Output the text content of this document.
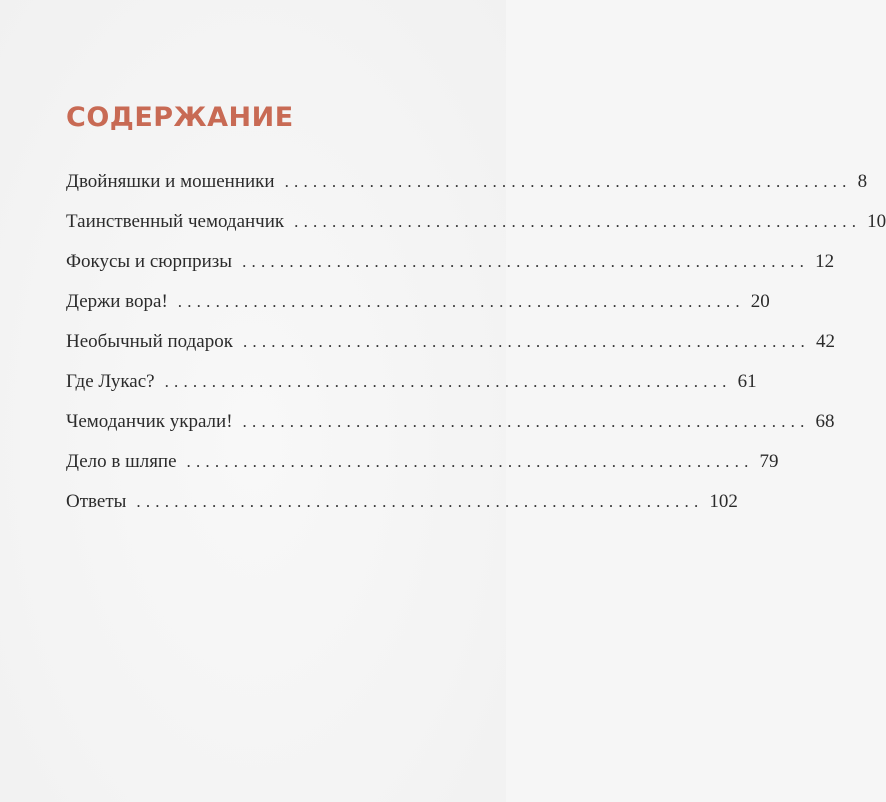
СОДЕРЖАНИЕ
Двойняшки и мошенники ............................................................ 8
Таинственный чемоданчик ............................................................ 10
Фокусы и сюрпризы ............................................................ 12
Держи вора! ............................................................ 20
Необычный подарок ............................................................ 42
Где Лукас? ............................................................ 61
Чемоданчик украли! ............................................................ 68
Дело в шляпе ............................................................ 79
Ответы ............................................................ 102
